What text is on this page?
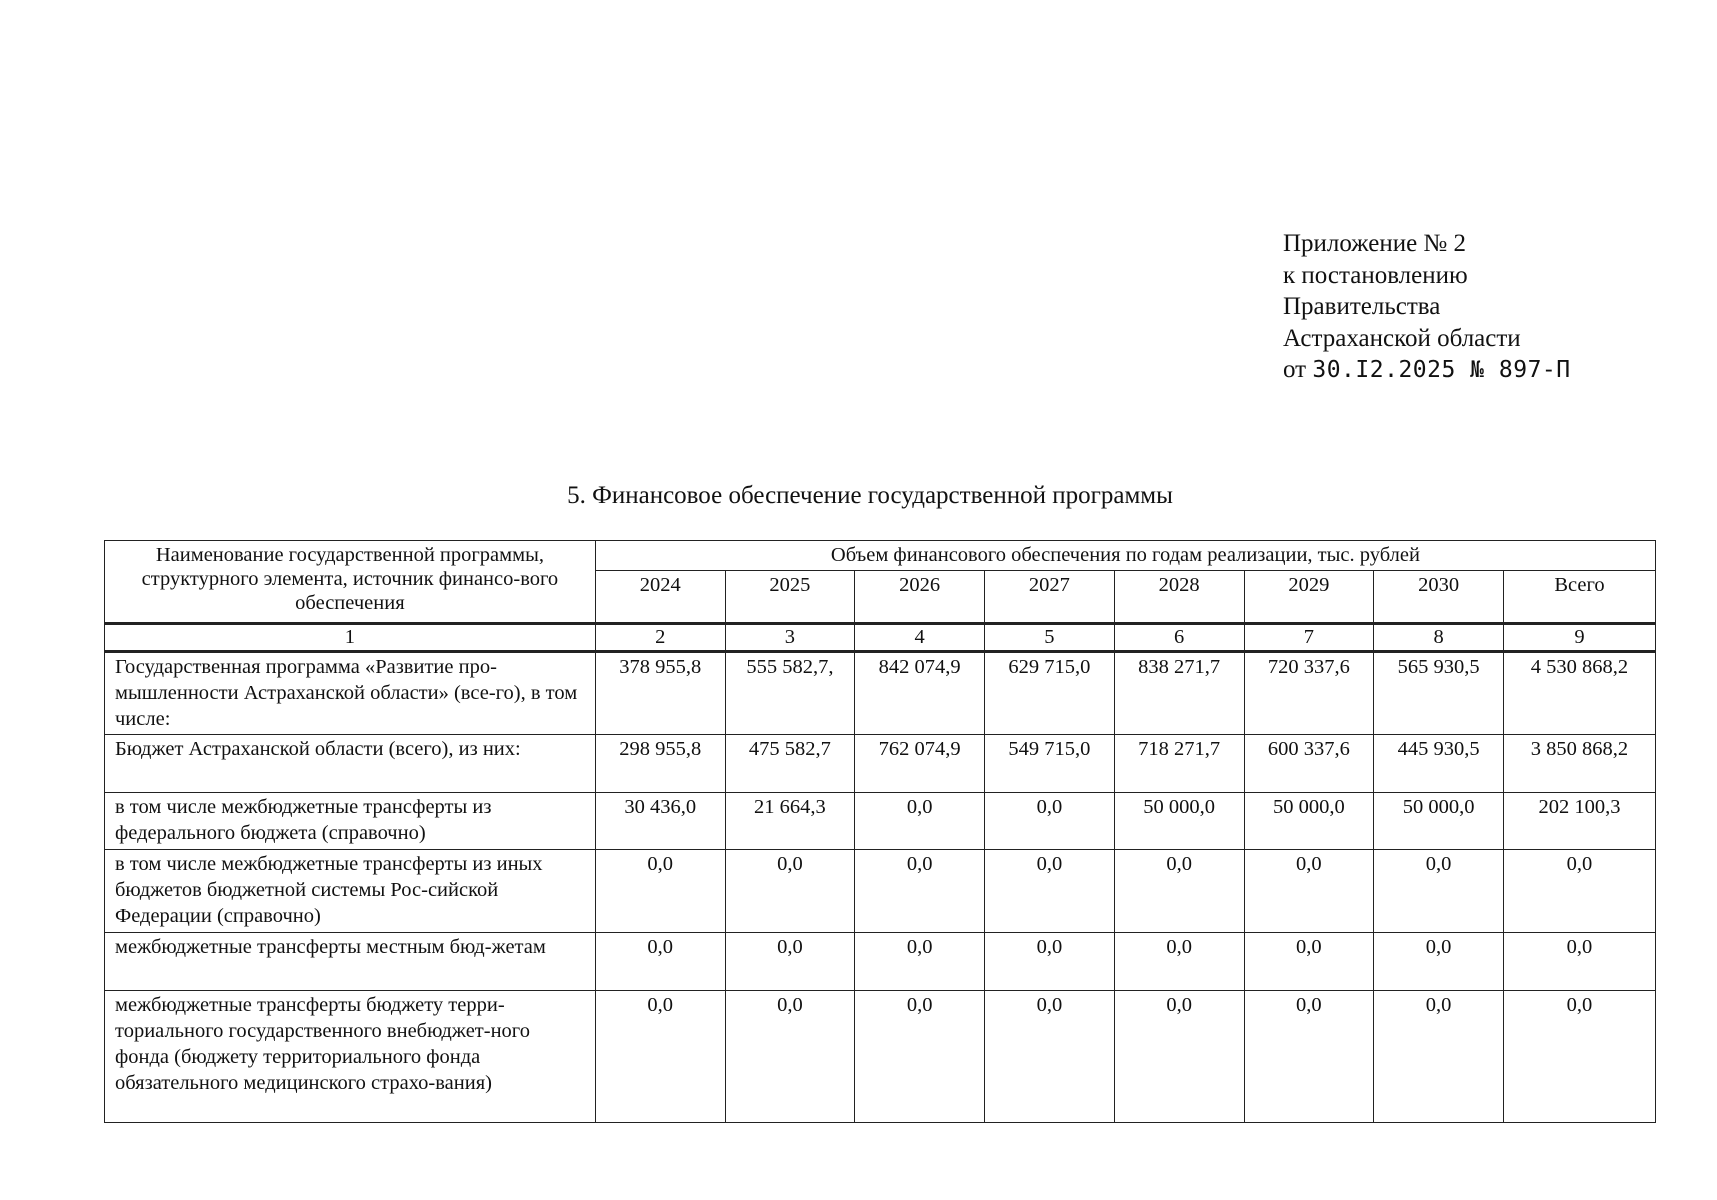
Приложение № 2
к постановлению
Правительства
Астраханской области
от 30.I2.2025 № 897-П
5. Финансовое обеспечение государственной программы
Наименование государственной программы, структурного элемента, источник финансо-вого обеспечения	Объем финансового обеспечения по годам реализации, тыс. рублей							
	2024	2025	2026	2027	2028	2029	2030	Всего
1	2	3	4	5	6	7	8	9
Государственная программа «Развитие про-мышленности Астраханской области» (все-го), в том числе:	378 955,8	555 582,7,	842 074,9	629 715,0	838 271,7	720 337,6	565 930,5	4 530 868,2
Бюджет Астраханской области (всего), из них:	298 955,8	475 582,7	762 074,9	549 715,0	718 271,7	600 337,6	445 930,5	3 850 868,2
в том числе межбюджетные трансферты из федерального бюджета (справочно)	30 436,0	21 664,3	0,0	0,0	50 000,0	50 000,0	50 000,0	202 100,3
в том числе межбюджетные трансферты из иных бюджетов бюджетной системы Рос-сийской Федерации (справочно)	0,0	0,0	0,0	0,0	0,0	0,0	0,0	0,0
межбюджетные трансферты местным бюд-жетам	0,0	0,0	0,0	0,0	0,0	0,0	0,0	0,0
межбюджетные трансферты бюджету терри-ториального государственного внебюджет-ного фонда (бюджету территориального фонда обязательного медицинского страхо-вания)	0,0	0,0	0,0	0,0	0,0	0,0	0,0	0,0
